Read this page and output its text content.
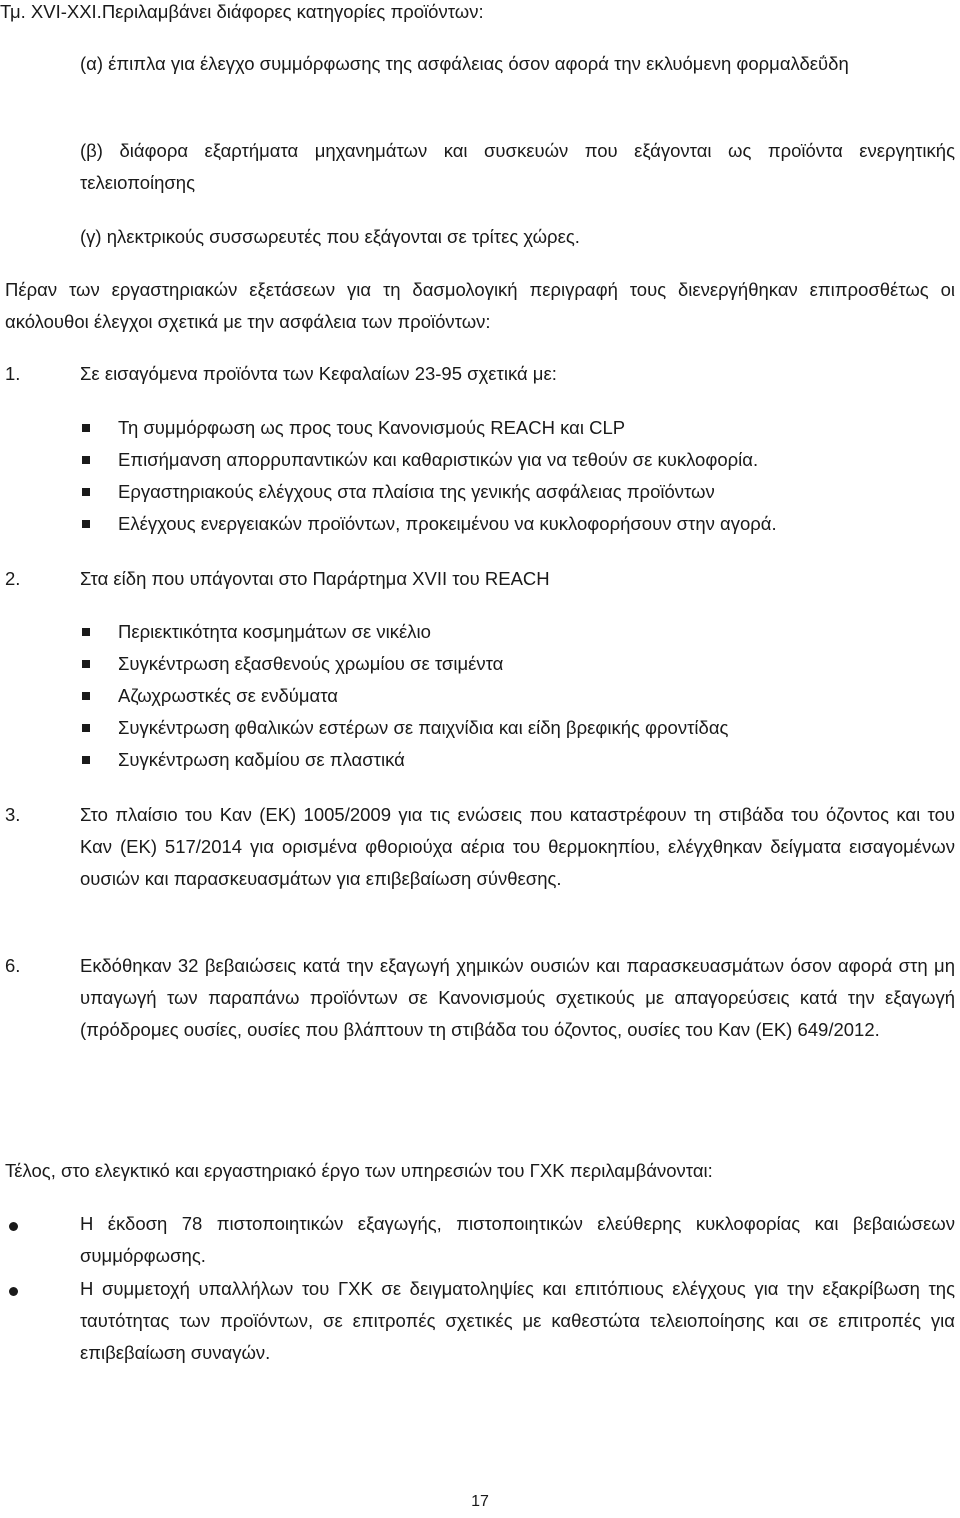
Τμ. XVI-XXI.Περιλαμβάνει διάφορες κατηγορίες προϊόντων:
(α) έπιπλα για έλεγχο συμμόρφωσης της ασφάλειας όσον αφορά την εκλυόμενη φορμαλδεΰδη
(β) διάφορα εξαρτήματα μηχανημάτων και συσκευών που εξάγονται ως προϊόντα ενεργητικής τελειοποίησης
(γ) ηλεκτρικούς συσσωρευτές που εξάγονται σε τρίτες χώρες.
Πέραν των εργαστηριακών εξετάσεων για τη δασμολογική περιγραφή τους διενεργήθηκαν επιπροσθέτως οι ακόλουθοι έλεγχοι σχετικά με την ασφάλεια των προϊόντων:
1.	Σε εισαγόμενα προϊόντα των Κεφαλαίων 23-95 σχετικά με:
Τη συμμόρφωση ως προς τους Κανονισμούς REACH και CLP
Επισήμανση απορρυπαντικών και καθαριστικών για να τεθούν σε κυκλοφορία.
Εργαστηριακούς ελέγχους στα πλαίσια της γενικής ασφάλειας προϊόντων
Ελέγχους ενεργειακών προϊόντων, προκειμένου να κυκλοφορήσουν στην αγορά.
2.	Στα είδη που υπάγονται στο Παράρτημα XVII του REACH
Περιεκτικότητα κοσμημάτων σε νικέλιο
Συγκέντρωση εξασθενούς χρωμίου σε τσιμέντα
Αζωχρωστκές σε ενδύματα
Συγκέντρωση φθαλικών εστέρων σε παιχνίδια και είδη βρεφικής φροντίδας
Συγκέντρωση καδμίου σε πλαστικά
3.	Στο πλαίσιο του Καν (ΕΚ) 1005/2009 για τις ενώσεις που καταστρέφουν τη στιβάδα του όζοντος και του Καν (ΕΚ) 517/2014 για ορισμένα φθοριούχα αέρια του θερμοκηπίου, ελέγχθηκαν δείγματα εισαγομένων ουσιών και παρασκευασμάτων για επιβεβαίωση σύνθεσης.
6.	Εκδόθηκαν 32 βεβαιώσεις κατά την εξαγωγή χημικών ουσιών και παρασκευασμάτων όσον αφορά στη μη υπαγωγή των παραπάνω προϊόντων σε Κανονισμούς σχετικούς με απαγορεύσεις κατά την εξαγωγή (πρόδρομες ουσίες, ουσίες που βλάπτουν τη στιβάδα του όζοντος, ουσίες του Καν (ΕΚ) 649/2012.
Τέλος, στο ελεγκτικό και εργαστηριακό έργο των υπηρεσιών του ΓΧΚ περιλαμβάνονται:
Η έκδοση 78 πιστοποιητικών εξαγωγής, πιστοποιητικών ελεύθερης κυκλοφορίας και βεβαιώσεων συμμόρφωσης.
Η συμμετοχή υπαλλήλων του ΓΧΚ σε δειγματοληψίες και επιτόπιους ελέγχους για την εξακρίβωση της ταυτότητας των προϊόντων, σε επιτροπές σχετικές με καθεστώτα τελειοποίησης και σε επιτροπές για επιβεβαίωση συναγών.
17
